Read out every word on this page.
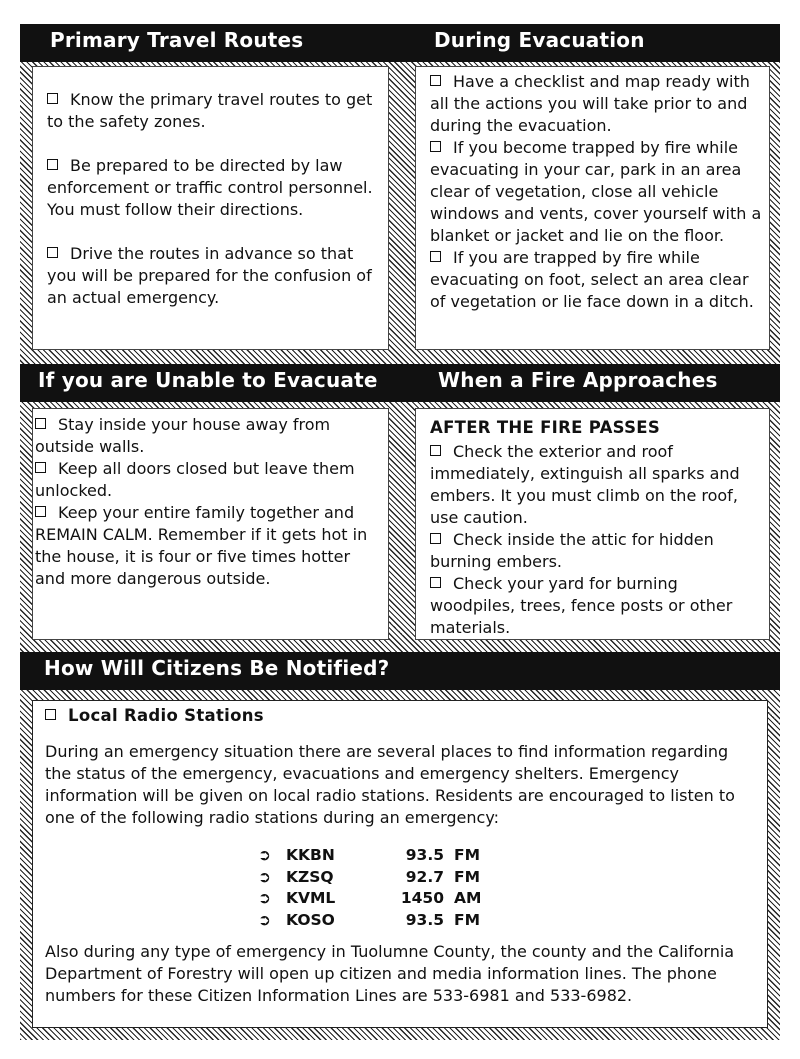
Primary Travel Routes	During Evacuation

Know the primary travel routes to get to the safety zones.

Be prepared to be directed by law enforcement or traffic control personnel. You must follow their directions.

Drive the routes in advance so that you will be prepared for the confusion of an actual emergency.

Have a checklist and map ready with all the actions you will take prior to and during the evacuation.

If you become trapped by fire while evacuating in your car, park in an area clear of vegetation, close all vehicle windows and vents, cover yourself with a blanket or jacket and lie on the floor.

If you are trapped by fire while evacuating on foot, select an area clear of vegetation or lie face down in a ditch.

If you are Unable to Evacuate	When a Fire Approaches

Stay inside your house away from outside walls.

Keep all doors closed but leave them unlocked.

Keep your entire family together and REMAIN CALM. Remember if it gets hot in the house, it is four or five times hotter and more dangerous outside.

AFTER THE FIRE PASSES

Check the exterior and roof immediately, extinguish all sparks and embers. It you must climb on the roof, use caution.

Check inside the attic for hidden burning embers.

Check your yard for burning woodpiles, trees, fence posts or other materials.

How Will Citizens Be Notified?

Local Radio Stations

During an emergency situation there are several places to find information regarding the status of the emergency, evacuations and emergency shelters. Emergency information will be given on local radio stations. Residents are encouraged to listen to one of the following radio stations during an emergency:

Also during any type of emergency in Tuolumne County, the county and the California Department of Forestry will open up citizen and media information lines. The phone numbers for these Citizen Information Lines are 533-6981 and 533-6982.

➲ KKBN	93.5 FM
➲ KZSQ	92.7 FM
➲ KVML	1450 AM
➲ KOSO	93.5 FM
